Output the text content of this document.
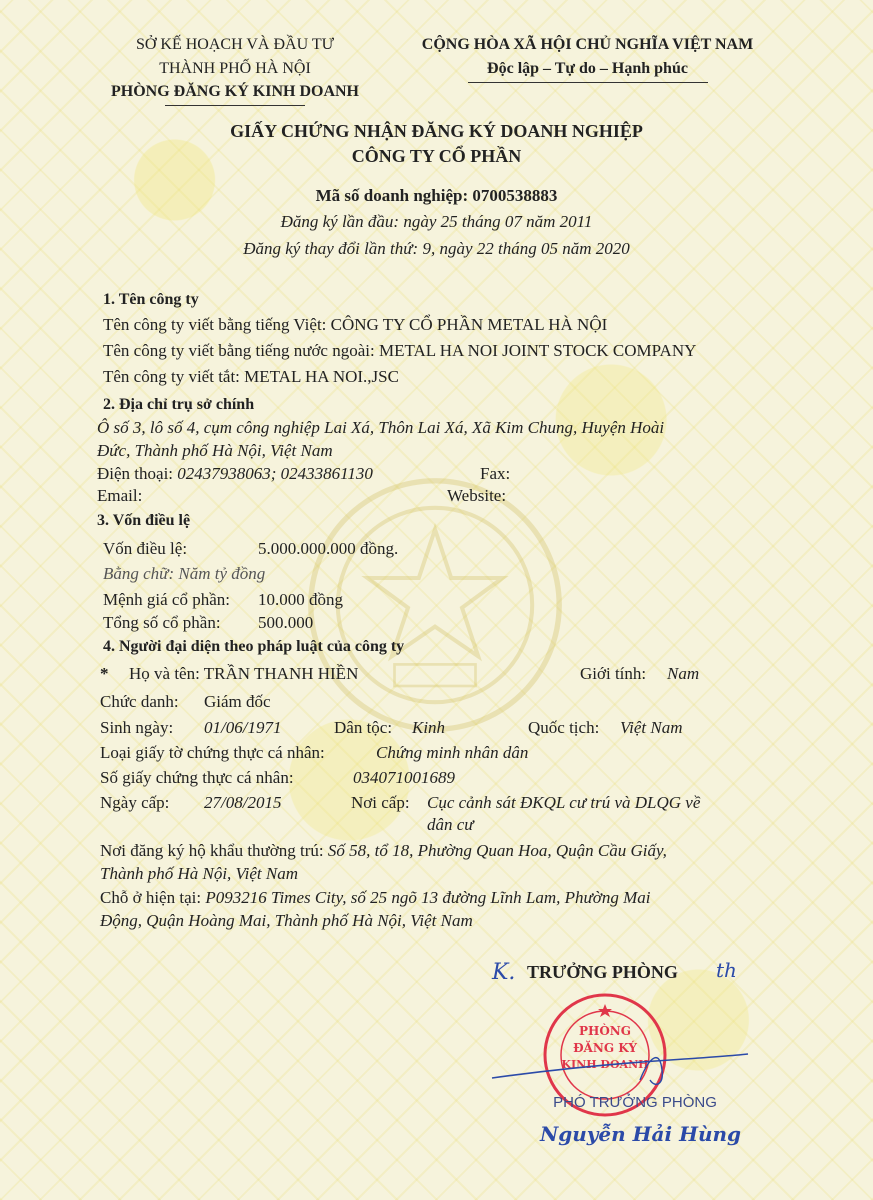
SỞ KẾ HOẠCH VÀ ĐẦU TƯ
THÀNH PHỐ HÀ NỘI
PHÒNG ĐĂNG KÝ KINH DOANH
CỘNG HÒA XÃ HỘI CHỦ NGHĨA VIỆT NAM
Độc lập – Tự do – Hạnh phúc
GIẤY CHỨNG NHẬN ĐĂNG KÝ DOANH NGHIỆP
CÔNG TY CỔ PHẦN
Mã số doanh nghiệp: 0700538883
Đăng ký lần đầu: ngày 25 tháng 07 năm 2011
Đăng ký thay đổi lần thứ: 9, ngày 22 tháng 05 năm 2020
1. Tên công ty
Tên công ty viết bằng tiếng Việt: CÔNG TY CỔ PHẦN METAL HÀ NỘI
Tên công ty viết bằng tiếng nước ngoài: METAL HA NOI JOINT STOCK COMPANY
Tên công ty viết tắt: METAL HA NOI.,JSC
2. Địa chỉ trụ sở chính
Ô số 3, lô số 4, cụm công nghiệp Lai Xá, Thôn Lai Xá, Xã Kim Chung, Huyện Hoài
Đức, Thành phố Hà Nội, Việt Nam
Điện thoại: 02437938063; 02433861130	Fax:
Email:	Website:
3. Vốn điều lệ
Vốn điều lệ:	5.000.000.000 đồng.
Bằng chữ: Năm tỷ đồng
Mệnh giá cổ phần: 10.000 đồng
Tổng số cổ phần: 500.000
4. Người đại diện theo pháp luật của công ty
* Họ và tên: TRẦN THANH HIỀN	Giới tính: Nam
Chức danh: Giám đốc
Sinh ngày: 01/06/1971	Dân tộc: Kinh	Quốc tịch: Việt Nam
Loại giấy tờ chứng thực cá nhân:	Chứng minh nhân dân
Số giấy chứng thực cá nhân:	034071001689
Ngày cấp: 27/08/2015	Nơi cấp: Cục cảnh sát ĐKQL cư trú và DLQG về
dân cư
Nơi đăng ký hộ khẩu thường trú: Số 58, tổ 18, Phường Quan Hoa, Quận Cầu Giấy,
Thành phố Hà Nội, Việt Nam
Chỗ ở hiện tại: P093216 Times City, số 25 ngõ 13 đường Lĩnh Lam, Phường Mai
Động, Quận Hoàng Mai, Thành phố Hà Nội, Việt Nam
K. TRƯỞNG PHÒNG th
PHÒNG
ĐĂNG KÝ
KINH DOANH
PHÓ TRƯỞNG PHÒNG
Nguyễn Hải Hùng
